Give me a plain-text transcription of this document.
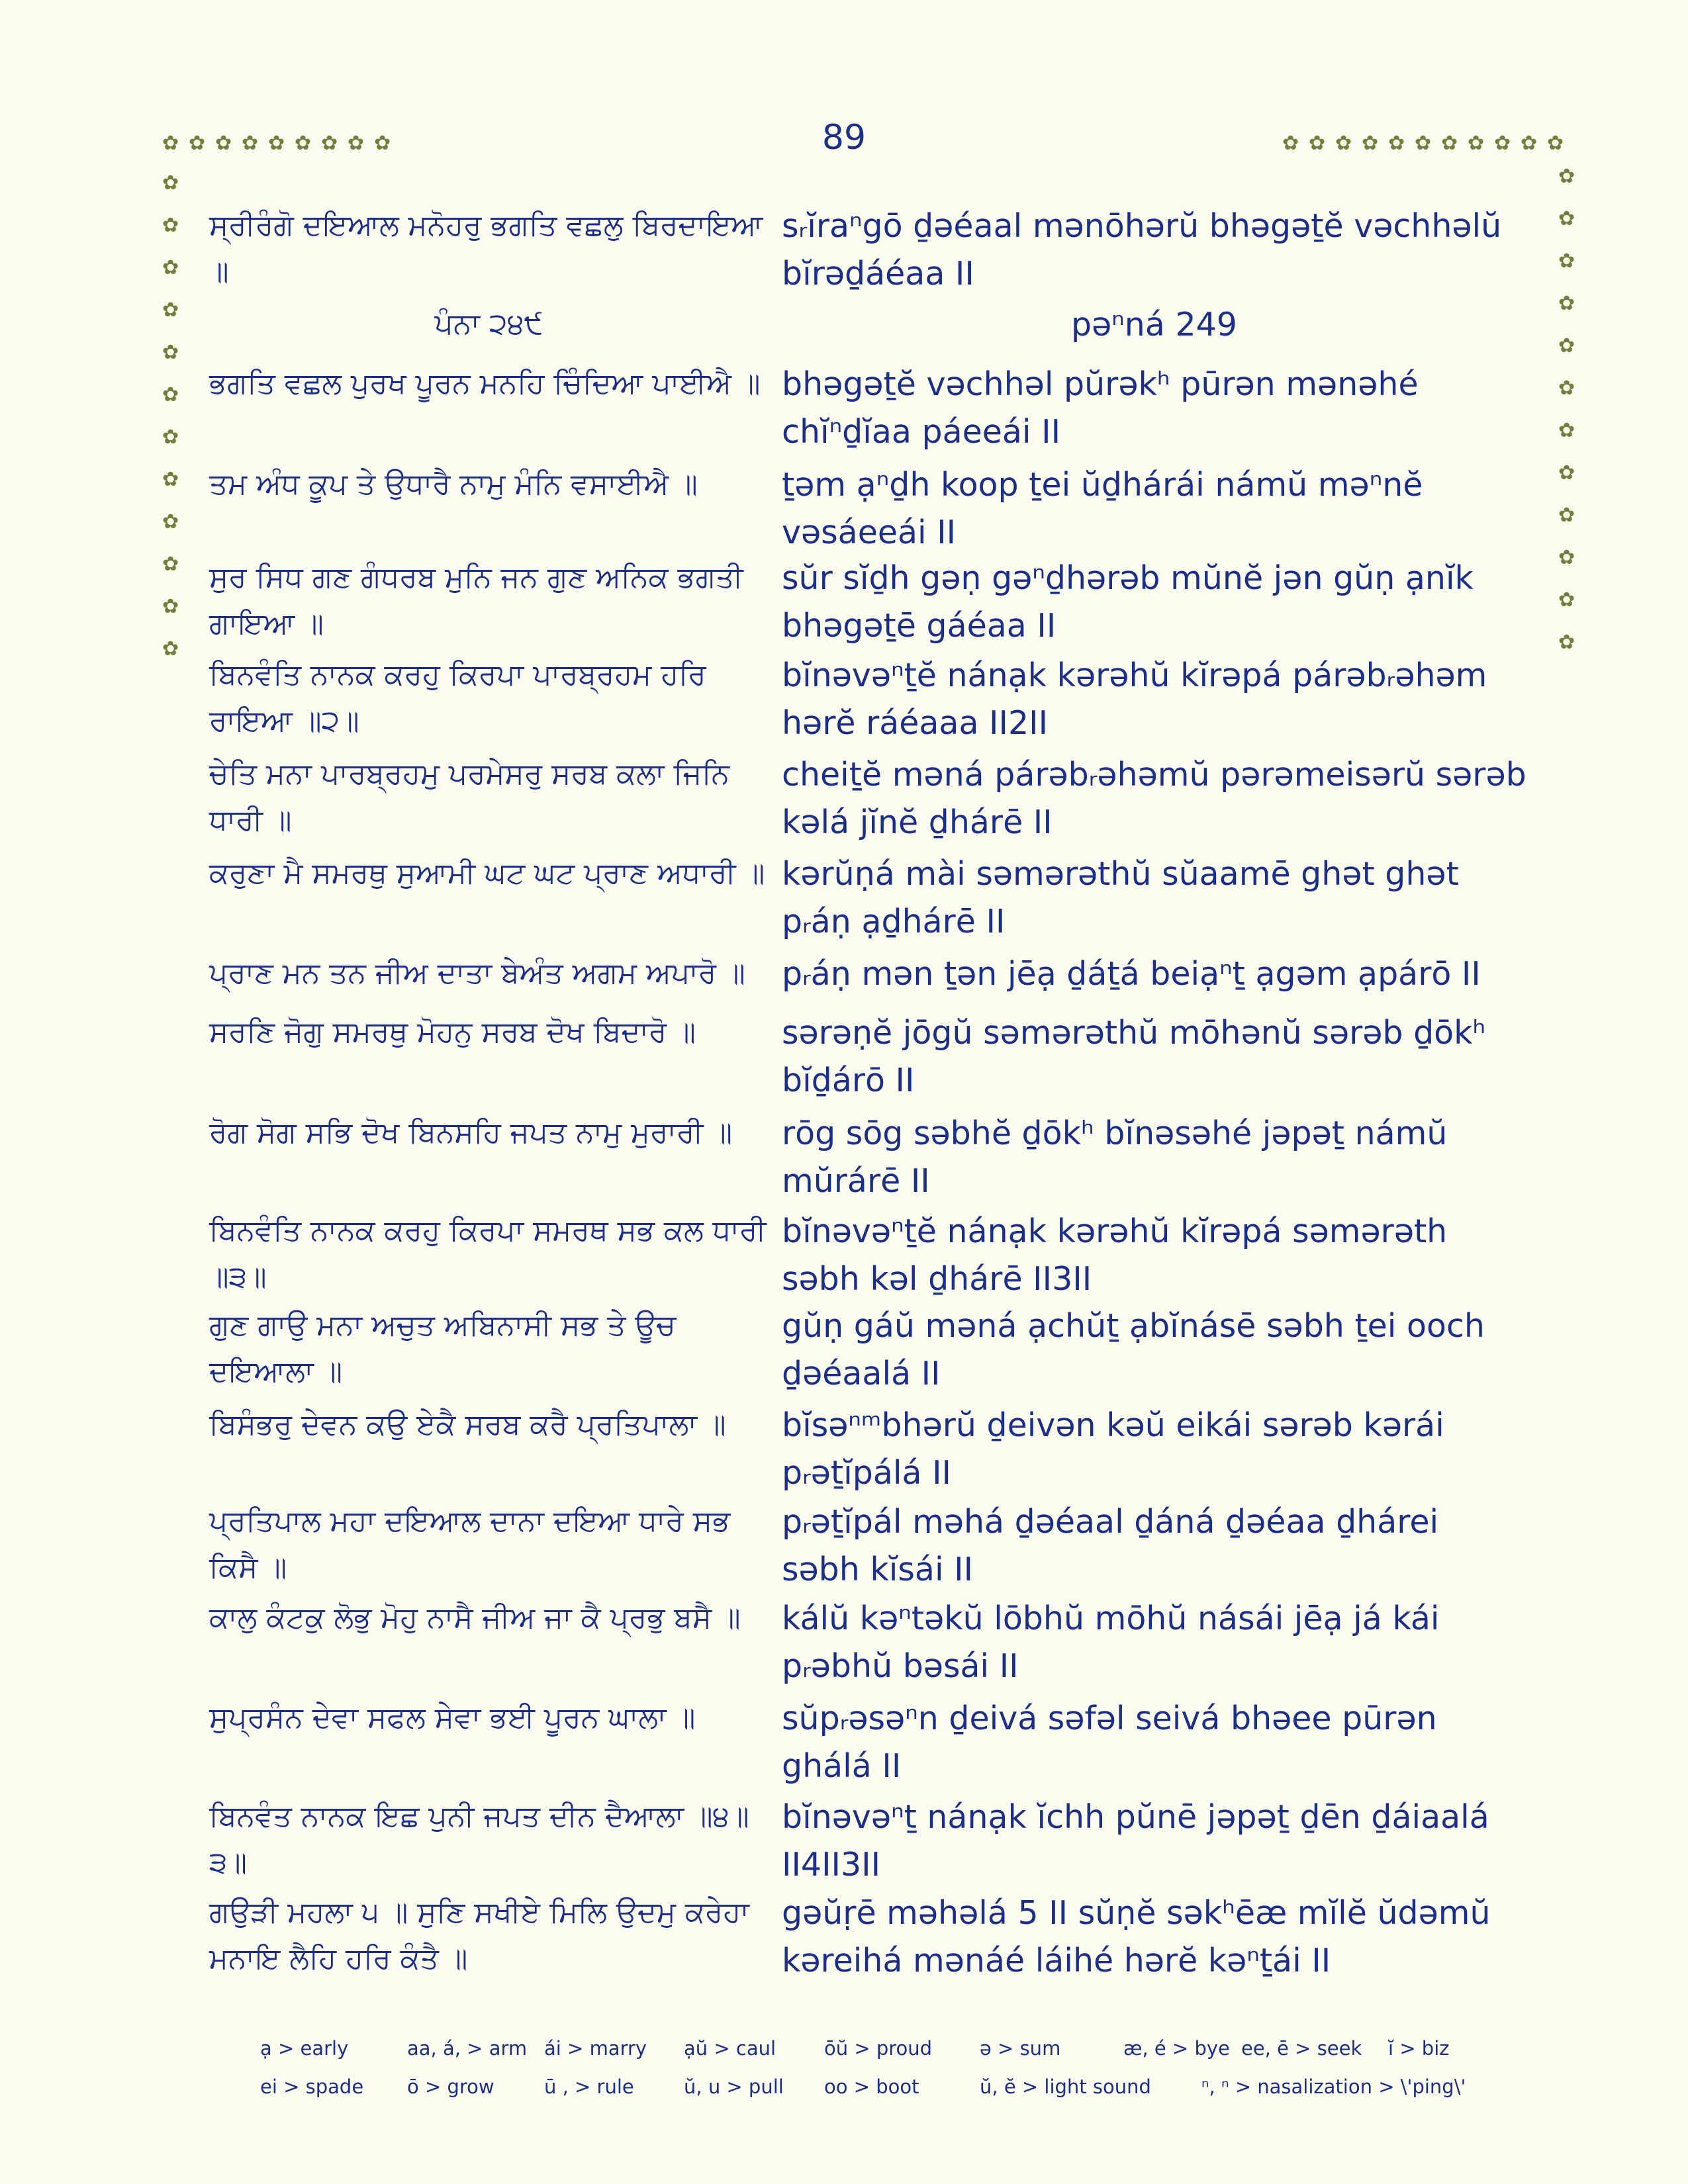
89
✿ ✿ ✿ ✿ ✿ ✿ ✿ ✿ ✿	✿ ✿ ✿ ✿ ✿ ✿ ✿ ✿ ✿ ✿ ✿
✿
✿
✿
✿
✿
✿
✿
✿
✿
✿
✿
✿
✿
✿
✿
✿
✿
✿
✿
✿
✿
✿
✿
✿
ਸ੍ਰੀਰੰਗੋ ਦਇਆਲ ਮਨੋਹਰੁ ਭਗਤਿ ਵਛਲੁ ਬਿਰਦਾਇਆ ॥
sᵣĭraⁿgō ḏəéaal mənōhərŭ bhəgəṯĕ vəchhəlŭ bĭrəḏáéaa II
ਪੰਨਾ ੨੪੯	pəⁿná 249
ਭਗਤਿ ਵਛਲ ਪੁਰਖ ਪੂਰਨ ਮਨਹਿ ਚਿੰਦਿਆ ਪਾਈਐ ॥ bhəgəṯĕ vəchhəl pŭrəkʰ pūrən mənəhé chĭⁿḏĭaa páeeái II
ਤਮ ਅੰਧ ਕੂਪ ਤੇ ਉਧਾਰੈ ਨਾਮੁ ਮੰਨਿ ਵਸਾਈਐ ॥	ṯəm ạⁿḏh koop ṯei ŭḏhárái námŭ məⁿnĕ vəsáeeái II
ਸੁਰ ਸਿਧ ਗਣ ਗੰਧਰਬ ਮੁਨਿ ਜਨ ਗੁਣ ਅਨਿਕ ਭਗਤੀ ਗਾਇਆ ॥
sŭr sĭḏh gəṇ gəⁿḏhərəb mŭnĕ jən gŭṇ ạnĭk bhəgəṯē gáéaa II
ਬਿਨਵੰਤਿ ਨਾਨਕ ਕਰਹੁ ਕਿਰਪਾ ਪਾਰਬ੍ਰਹਮ ਹਰਿ ਰਾਇਆ ॥੨॥
bĭnəvəⁿṯĕ nánạk kərəhŭ kĭrəpá párəbᵣəhəm hərĕ ráéaaa II2II
ਚੇਤਿ ਮਨਾ ਪਾਰਬ੍ਰਹਮੁ ਪਰਮੇਸਰੁ ਸਰਬ ਕਲਾ ਜਿਨਿ ਧਾਰੀ ॥
cheiṯĕ məná párəbᵣəhəmŭ pərəmeisərŭ sərəb kəlá jĭnĕ ḏhárē II
ਕਰੁਣਾ ਮੈ ਸਮਰਥੁ ਸੁਆਮੀ ਘਟ ਘਟ ਪ੍ਰਾਣ ਅਧਾਰੀ ॥ kərŭṇá mài səmərəthŭ sŭaamē ghət ghət pᵣáṇ ạḏhárē II
ਪ੍ਰਾਣ ਮਨ ਤਨ ਜੀਅ ਦਾਤਾ ਬੇਅੰਤ ਅਗਮ ਅਪਾਰੋ ॥	pᵣáṇ mən ṯən jēạ ḏáṯá beiạⁿṯ ạgəm ạpárō II
ਸਰਣਿ ਜੋਗੁ ਸਮਰਥੁ ਮੋਹਨੁ ਸਰਬ ਦੋਖ ਬਿਦਾਰੋ ॥	sərəṇĕ jōgŭ səmərəthŭ mōhənŭ sərəb ḏōkʰ bĭḏárō II
ਰੋਗ ਸੋਗ ਸਭਿ ਦੋਖ ਬਿਨਸਹਿ ਜਪਤ ਨਾਮੁ ਮੁਰਾਰੀ ॥	rōg sōg səbhĕ ḏōkʰ bĭnəsəhé jəpəṯ námŭ mŭrárē II
ਬਿਨਵੰਤਿ ਨਾਨਕ ਕਰਹੁ ਕਿਰਪਾ ਸਮਰਥ ਸਭ ਕਲ ਧਾਰੀ ॥੩॥
bĭnəvəⁿṯĕ nánạk kərəhŭ kĭrəpá səmərəth səbh kəl ḏhárē II3II
ਗੁਣ ਗਾਉ ਮਨਾ ਅਚੁਤ ਅਬਿਨਾਸੀ ਸਭ ਤੇ ਊਚ ਦਇਆਲਾ ॥
gŭṇ gáŭ məná ạchŭṯ ạbĭnásē səbh ṯei ooch ḏəéaalá II
ਬਿਸੰਭਰੁ ਦੇਵਨ ਕਉ ਏਕੈ ਸਰਬ ਕਰੈ ਪ੍ਰਤਿਪਾਲਾ ॥	bĭsəⁿᵐbhərŭ ḏeivən kəŭ eikái sərəb kərái pᵣəṯĭpálá II
ਪ੍ਰਤਿਪਾਲ ਮਹਾ ਦਇਆਲ ਦਾਨਾ ਦਇਆ ਧਾਰੇ ਸਭ ਕਿਸੈ ॥
pᵣəṯĭpál məhá ḏəéaal ḏáná ḏəéaa ḏhárei səbh kĭsái II
ਕਾਲੁ ਕੰਟਕੁ ਲੋਭੁ ਮੋਹੁ ਨਾਸੈ ਜੀਅ ਜਾ ਕੈ ਪ੍ਰਭੁ ਬਸੈ ॥	kálŭ kəⁿtəkŭ lōbhŭ mōhŭ násái jēạ já kái pᵣəbhŭ bəsái II
ਸੁਪ੍ਰਸੰਨ ਦੇਵਾ ਸਫਲ ਸੇਵਾ ਭਈ ਪੂਰਨ ਘਾਲਾ ॥	sŭpᵣəsəⁿn ḏeivá səfəl seivá bhəee pūrən ghálá II
ਬਿਨਵੰਤ ਨਾਨਕ ਇਛ ਪੁਨੀ ਜਪਤ ਦੀਨ ਦੈਆਲਾ ॥੪॥੩॥
bĭnəvəⁿṯ nánạk ĭchh pŭnē jəpəṯ ḏēn ḏáiaalá II4II3II
ਗਉੜੀ ਮਹਲਾ ੫ ॥ ਸੁਣਿ ਸਖੀਏ ਮਿਲਿ ਉਦਮੁ ਕਰੇਹਾ ਮਨਾਇ ਲੈਹਿ ਹਰਿ ਕੰਤੈ ॥
gəŭṛē məhəlá 5 II sŭṇĕ səkʰēæ mĭlĕ ŭdəmŭ kəreihá mənáé láihé hərĕ kəⁿṯái II
ạ > early	aa, á, > arm ái > marry ạŭ > caul	ōŭ > proud ə > sum	æ, é > bye ee, ē > seek ĭ > biz
ei > spade ō > grow	ū , > rule	ŭ, u > pull oo > boot	ŭ, ĕ > light sound	ⁿ, ⁿ > nasalization > \'ping\'
